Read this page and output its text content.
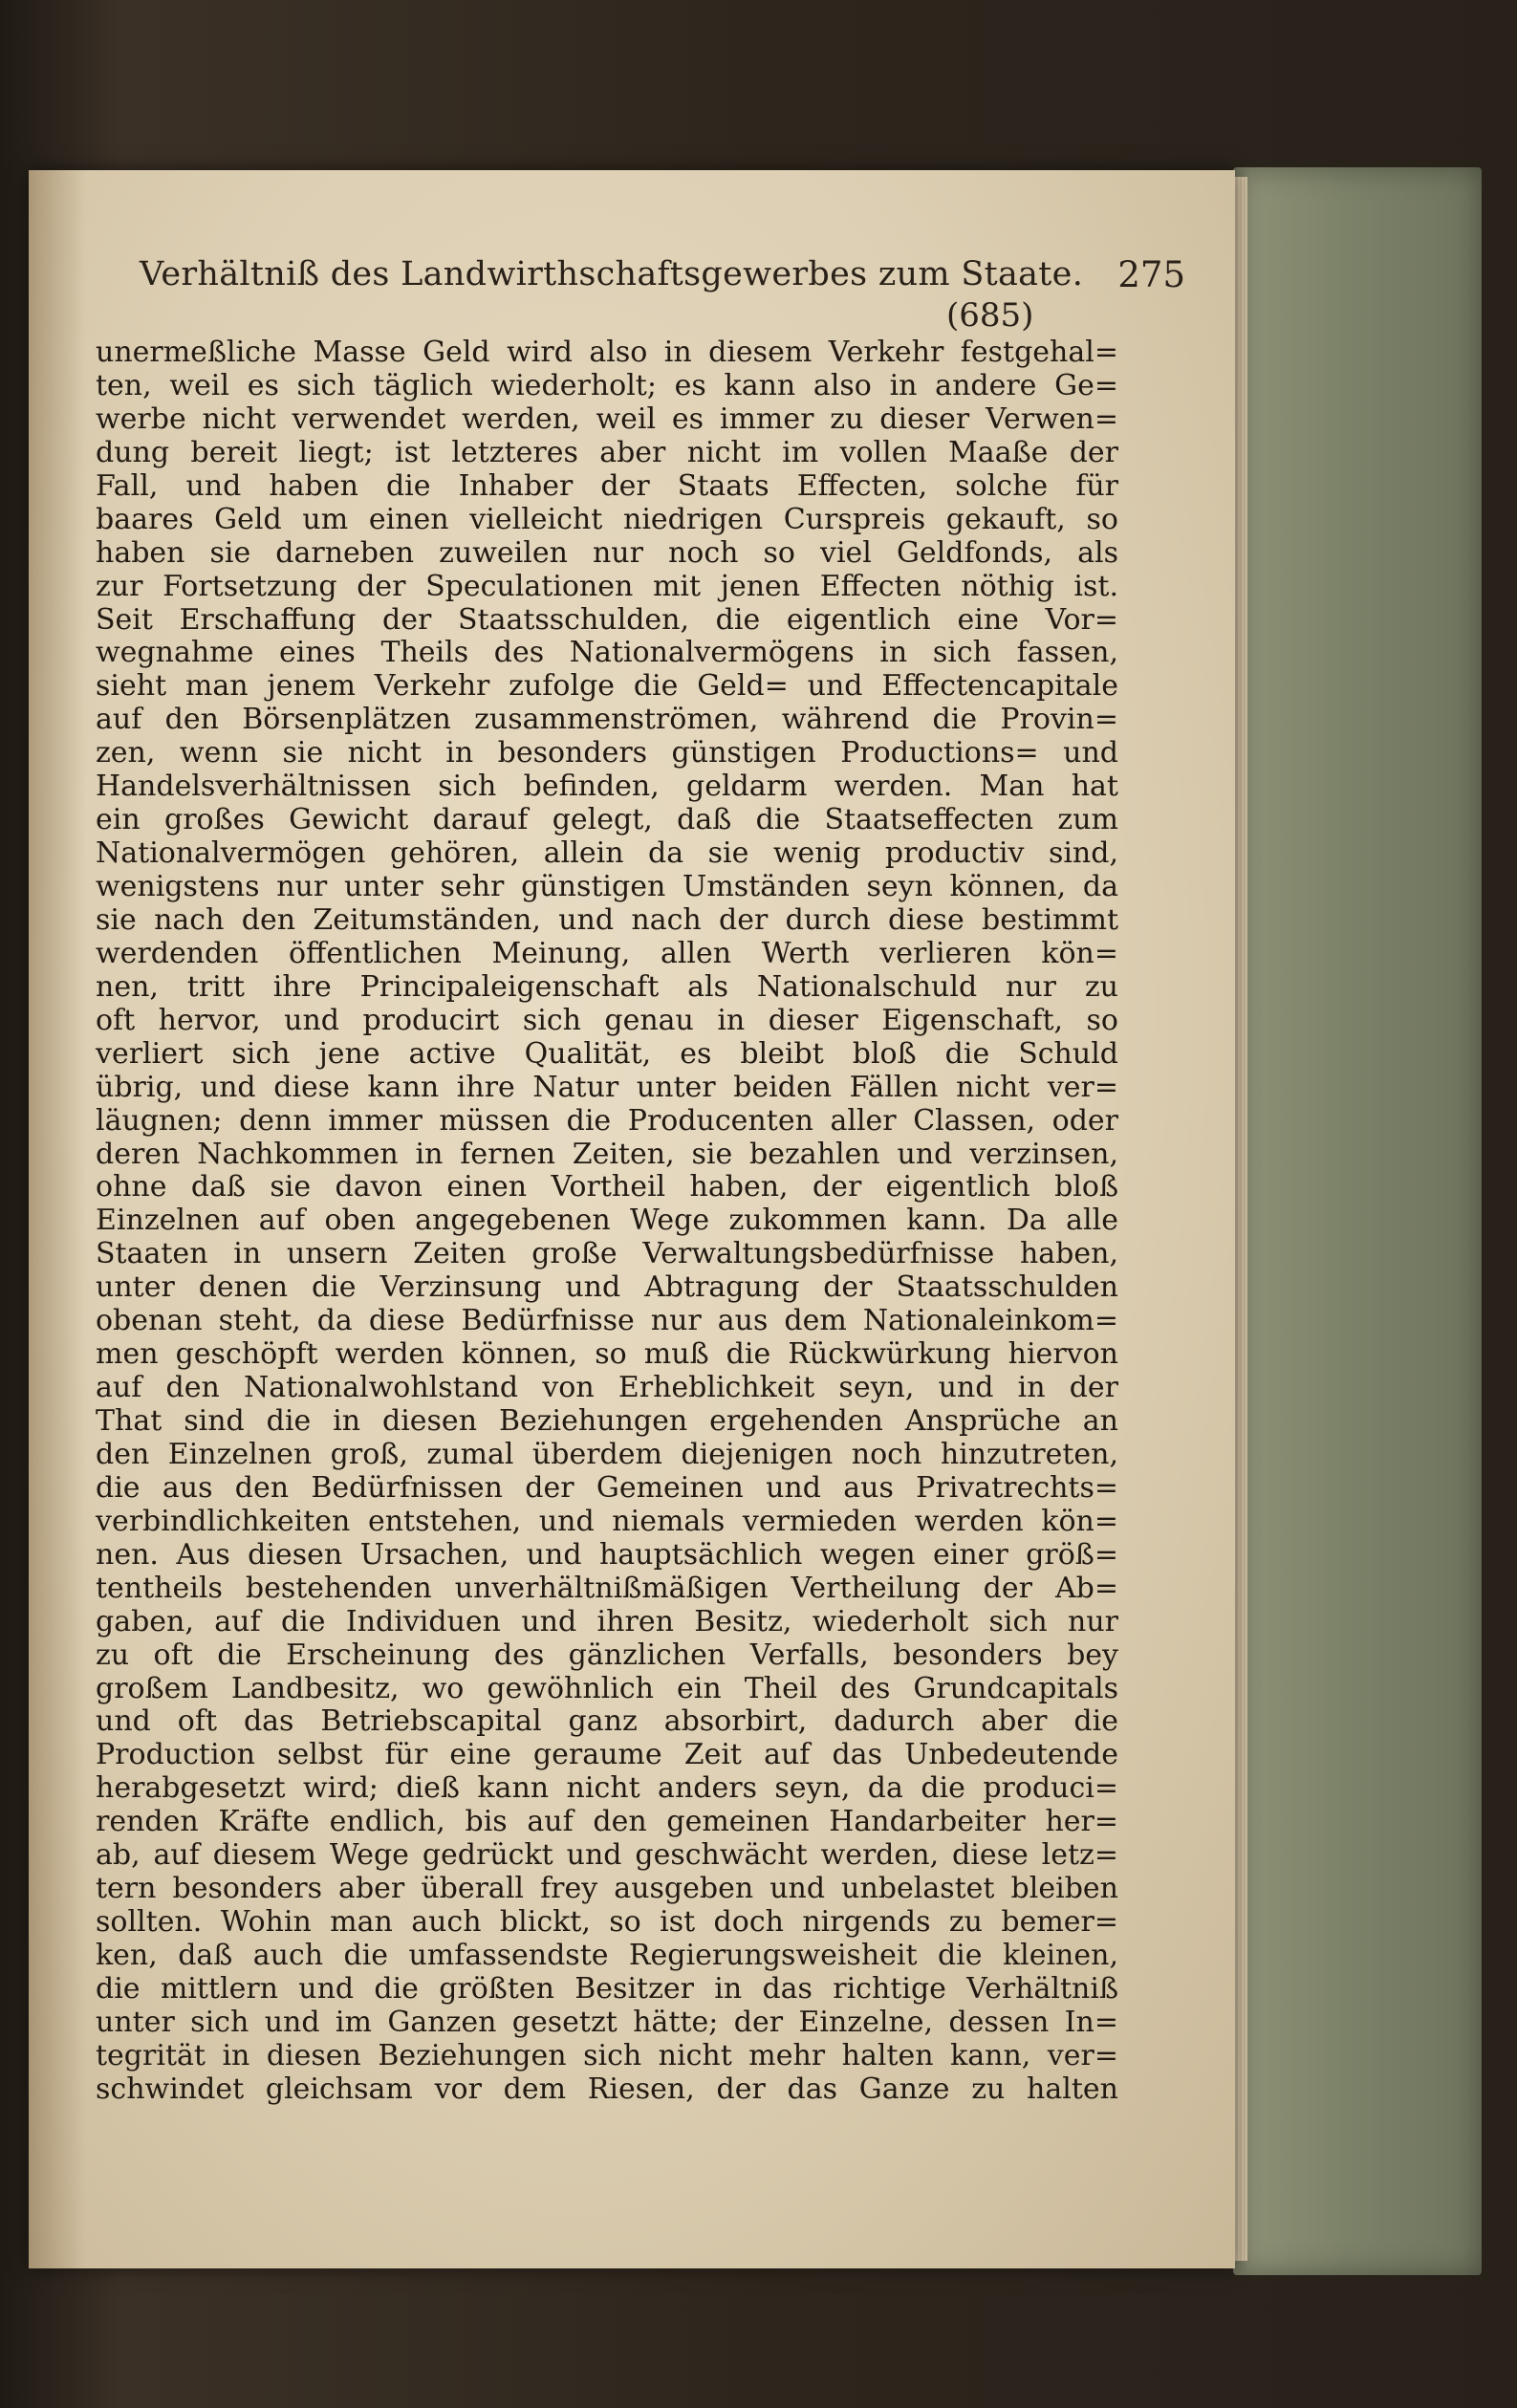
Verhältniß des Landwirthschaftsgewerbes zum Staate. 275
(685)
unermeßliche Masse Geld wird also in diesem Verkehr festgehal=
ten, weil es sich täglich wiederholt; es kann also in andere Ge=
werbe nicht verwendet werden, weil es immer zu dieser Verwen=
dung bereit liegt; ist letzteres aber nicht im vollen Maaße der
Fall, und haben die Inhaber der Staats Effecten, solche für
baares Geld um einen vielleicht niedrigen Curspreis gekauft, so
haben sie darneben zuweilen nur noch so viel Geldfonds, als
zur Fortsetzung der Speculationen mit jenen Effecten nöthig ist.
Seit Erschaffung der Staatsschulden, die eigentlich eine Vor=
wegnahme eines Theils des Nationalvermögens in sich fassen,
sieht man jenem Verkehr zufolge die Geld= und Effectencapitale
auf den Börsenplätzen zusammenströmen, während die Provin=
zen, wenn sie nicht in besonders günstigen Productions= und
Handelsverhältnissen sich befinden, geldarm werden. Man hat
ein großes Gewicht darauf gelegt, daß die Staatseffecten zum
Nationalvermögen gehören, allein da sie wenig productiv sind,
wenigstens nur unter sehr günstigen Umständen seyn können, da
sie nach den Zeitumständen, und nach der durch diese bestimmt
werdenden öffentlichen Meinung, allen Werth verlieren kön=
nen, tritt ihre Principaleigenschaft als Nationalschuld nur zu
oft hervor, und producirt sich genau in dieser Eigenschaft, so
verliert sich jene active Qualität, es bleibt bloß die Schuld
übrig, und diese kann ihre Natur unter beiden Fällen nicht ver=
läugnen; denn immer müssen die Producenten aller Classen, oder
deren Nachkommen in fernen Zeiten, sie bezahlen und verzinsen,
ohne daß sie davon einen Vortheil haben, der eigentlich bloß
Einzelnen auf oben angegebenen Wege zukommen kann. Da alle
Staaten in unsern Zeiten große Verwaltungsbedürfnisse haben,
unter denen die Verzinsung und Abtragung der Staatsschulden
obenan steht, da diese Bedürfnisse nur aus dem Nationaleinkom=
men geschöpft werden können, so muß die Rückwürkung hiervon
auf den Nationalwohlstand von Erheblichkeit seyn, und in der
That sind die in diesen Beziehungen ergehenden Ansprüche an
den Einzelnen groß, zumal überdem diejenigen noch hinzutreten,
die aus den Bedürfnissen der Gemeinen und aus Privatrechts=
verbindlichkeiten entstehen, und niemals vermieden werden kön=
nen. Aus diesen Ursachen, und hauptsächlich wegen einer größ=
tentheils bestehenden unverhältnißmäßigen Vertheilung der Ab=
gaben, auf die Individuen und ihren Besitz, wiederholt sich nur
zu oft die Erscheinung des gänzlichen Verfalls, besonders bey
großem Landbesitz, wo gewöhnlich ein Theil des Grundcapitals
und oft das Betriebscapital ganz absorbirt, dadurch aber die
Production selbst für eine geraume Zeit auf das Unbedeutende
herabgesetzt wird; dieß kann nicht anders seyn, da die produci=
renden Kräfte endlich, bis auf den gemeinen Handarbeiter her=
ab, auf diesem Wege gedrückt und geschwächt werden, diese letz=
tern besonders aber überall frey ausgeben und unbelastet bleiben
sollten. Wohin man auch blickt, so ist doch nirgends zu bemer=
ken, daß auch die umfassendste Regierungsweisheit die kleinen,
die mittlern und die größten Besitzer in das richtige Verhältniß
unter sich und im Ganzen gesetzt hätte; der Einzelne, dessen In=
tegrität in diesen Beziehungen sich nicht mehr halten kann, ver=
schwindet gleichsam vor dem Riesen, der das Ganze zu halten
